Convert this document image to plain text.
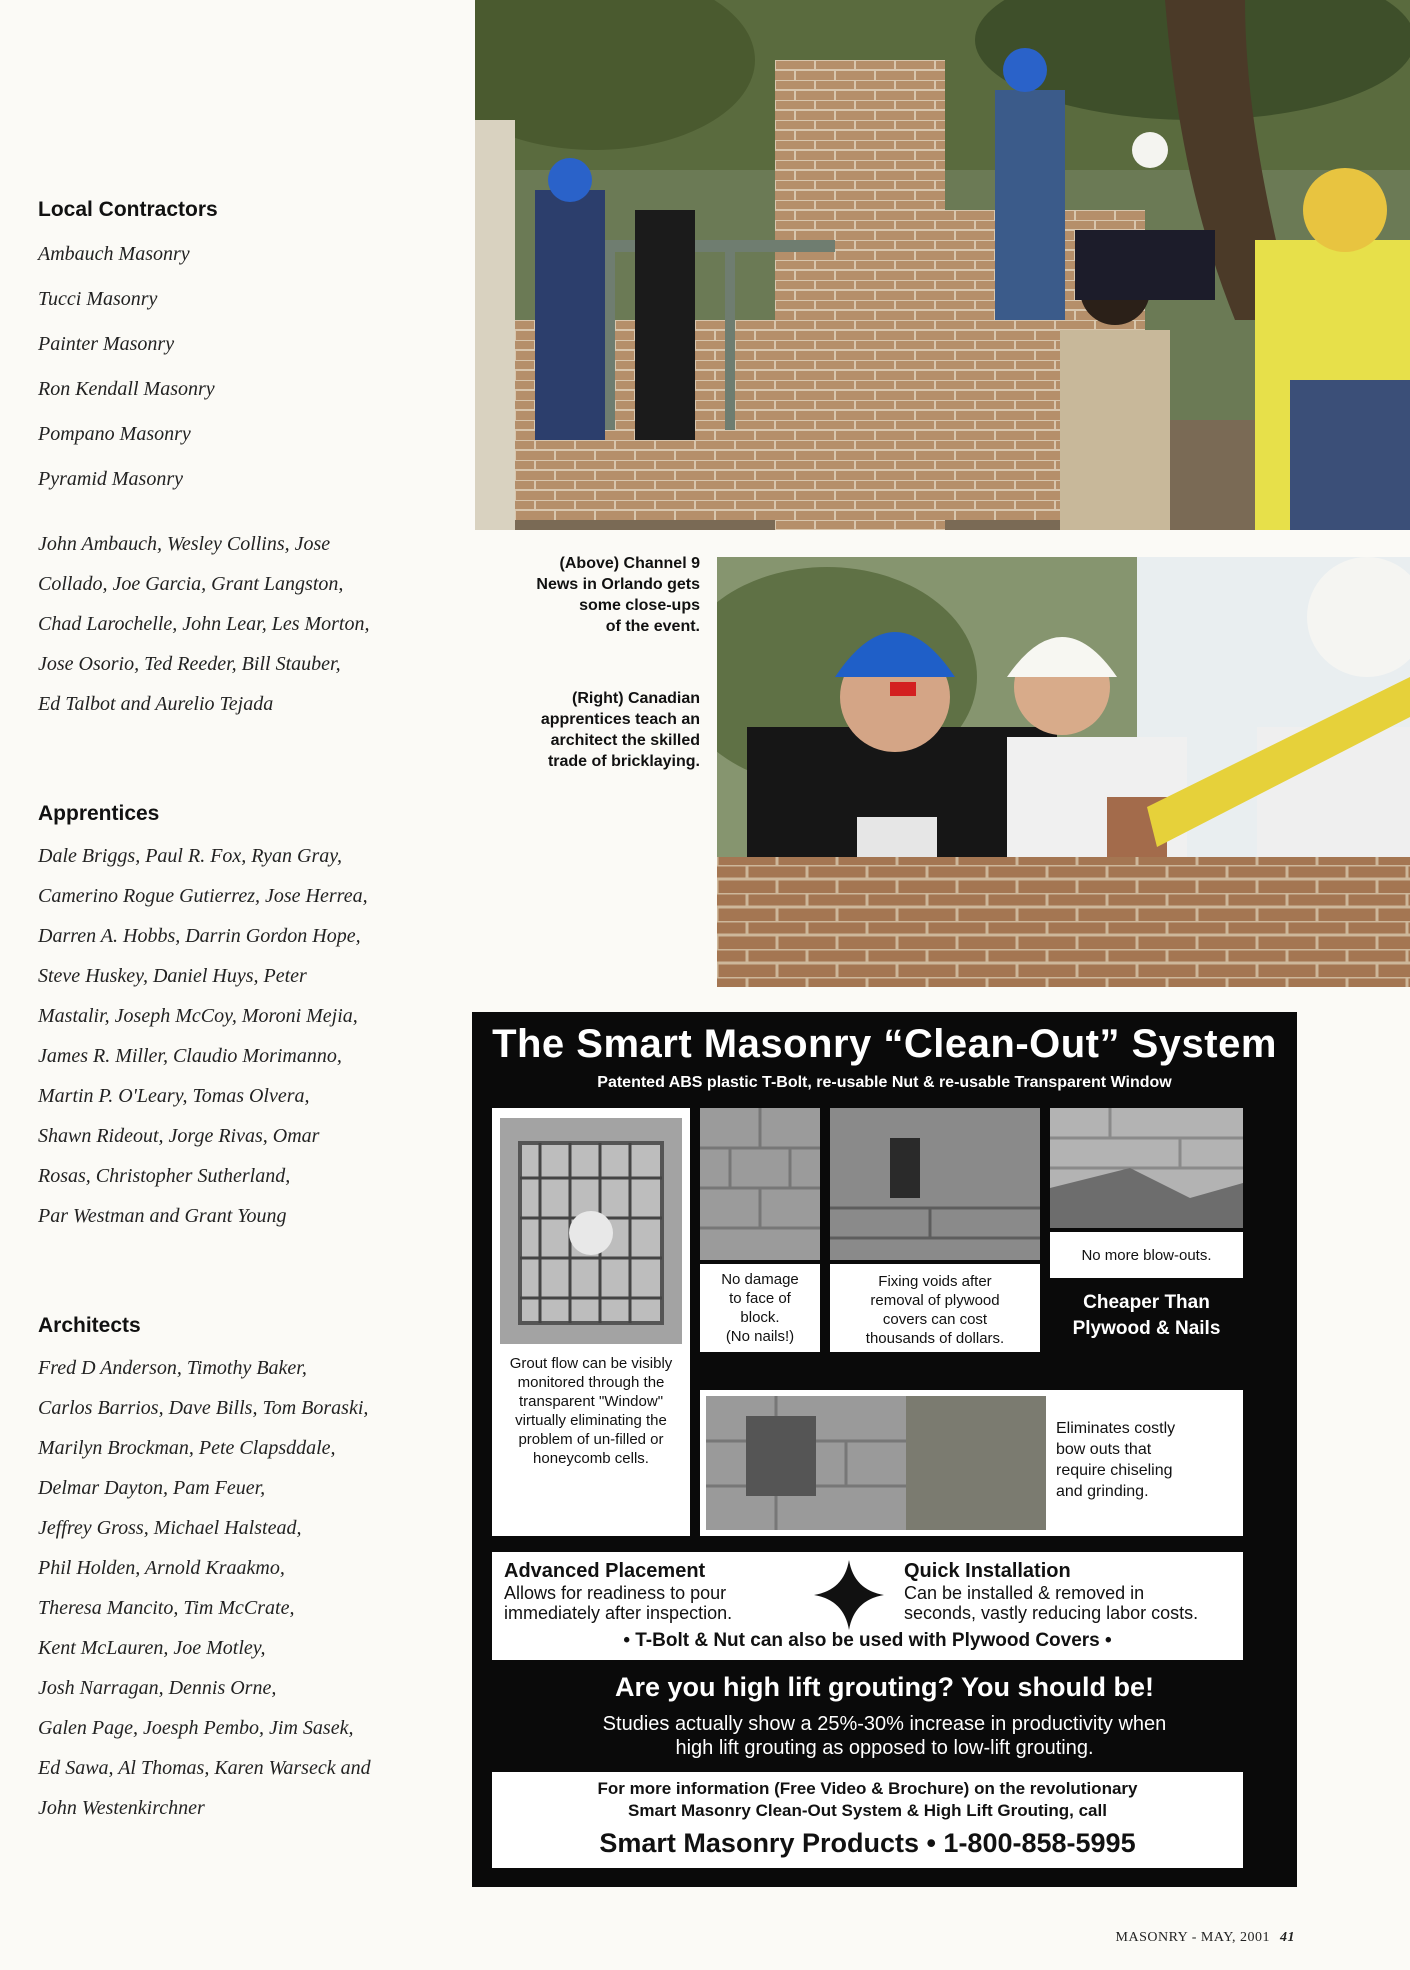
Local Contractors

Ambauch Masonry

Tucci Masonry

Painter Masonry

Ron Kendall Masonry

Pompano Masonry

Pyramid Masonry

John Ambauch, Wesley Collins, Jose

Collado, Joe Garcia, Grant Langston,

Chad Larochelle, John Lear, Les Morton,

Jose Osorio, Ted Reeder, Bill Stauber,

Ed Talbot and Aurelio Tejada

Apprentices

Dale Briggs, Paul R. Fox, Ryan Gray,

Camerino Rogue Gutierrez, Jose Herrea,

Darren A. Hobbs, Darrin Gordon Hope,

Steve Huskey, Daniel Huys, Peter

Mastalir, Joseph McCoy, Moroni Mejia,

James R. Miller, Claudio Morimanno,

Martin P. O'Leary, Tomas Olvera,

Shawn Rideout, Jorge Rivas, Omar

Rosas, Christopher Sutherland,

Par Westman and Grant Young

Architects

Fred D Anderson, Timothy Baker,

Carlos Barrios, Dave Bills, Tom Boraski,

Marilyn Brockman, Pete Clapsddale,

Delmar Dayton, Pam Feuer,

Jeffrey Gross, Michael Halstead,

Phil Holden, Arnold Kraakmo,

Theresa Mancito, Tim McCrate,

Kent McLauren, Joe Motley,

Josh Narragan, Dennis Orne,

Galen Page, Joesph Pembo, Jim Sasek,

Ed Sawa, Al Thomas, Karen Warseck and

John Westenkirchner

(Above) Channel 9
News in Orlando gets
some close-ups
of the event.
(Right) Canadian
apprentices teach an
architect the skilled
trade of bricklaying.
The Smart Masonry “Clean-Out” System
Patented ABS plastic T-Bolt, re-usable Nut & re-usable Transparent Window
Grout flow can be visibly
monitored through the
transparent "Window"
virtually eliminating the
problem of un-filled or
honeycomb cells.
No damage
to face of
block.
(No nails!)
Fixing voids after
removal of plywood
covers can cost
thousands of dollars.
No more blow-outs.
Cheaper Than
Plywood & Nails
Eliminates costly
bow outs that
require chiseling
and grinding.
Advanced Placement
Allows for readiness to pour
immediately after inspection.
Quick Installation
Can be installed & removed in
seconds, vastly reducing labor costs.
• T-Bolt & Nut can also be used with Plywood Covers •
Are you high lift grouting? You should be!
Studies actually show a 25%-30% increase in productivity when
high lift grouting as opposed to low-lift grouting.
For more information (Free Video & Brochure) on the revolutionary
Smart Masonry Clean-Out System & High Lift Grouting, call
Smart Masonry Products • 1-800-858-5995
MASONRY - MAY, 2001 41
